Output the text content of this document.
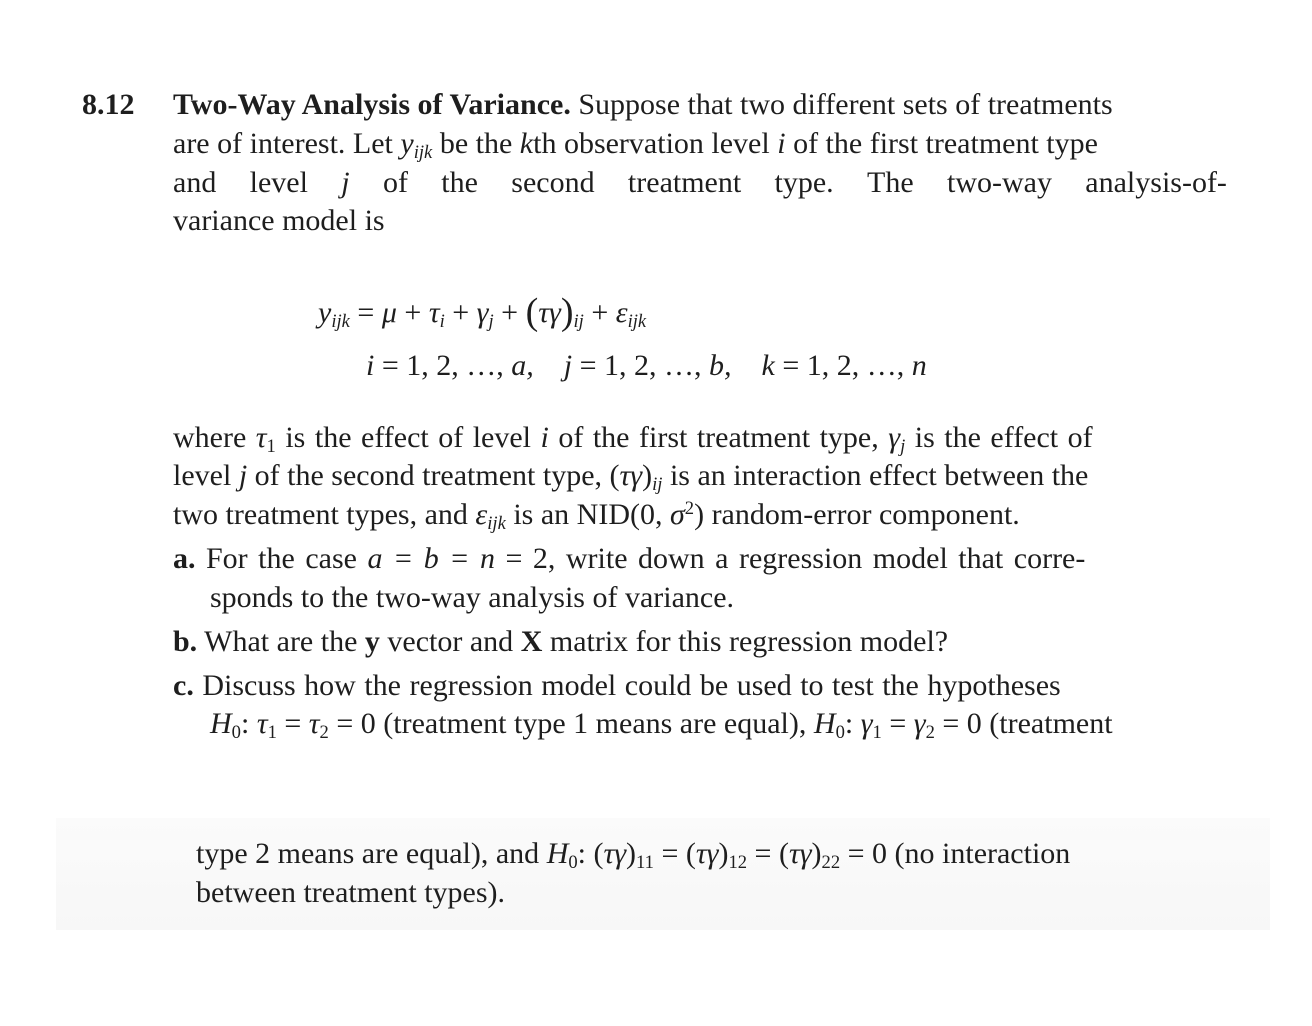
8.12 Two-Way Analysis of Variance. Suppose that two different sets of treatments
are of interest. Let $y_{ijk}$ be the kth observation level i of the first treatment type
and level j of the second treatment type. The two-way analysis-of-
variance model is
$y_{ijk} = \mu + \tau_i + \gamma_j + (\tau\gamma)_{ij} + \varepsilon_{ijk}$
i = 1, 2, …, a, j = 1, 2, …, b, k = 1, 2, …, n
where $\tau_1$ is the effect of level i of the first treatment type, $\gamma_j$ is the effect of
level j of the second treatment type, $(\tau\gamma)_{ij}$ is an interaction effect between the
two treatment types, and $\varepsilon_{ijk}$ is an NID(0, $\sigma^2$) random-error component.
a. For the case a = b = n = 2, write down a regression model that corre-
sponds to the two-way analysis of variance.
b. What are the y vector and X matrix for this regression model?
c. Discuss how the regression model could be used to test the hypotheses
$H_0$: $\tau_1 = \tau_2 = 0$ (treatment type 1 means are equal), $H_0$: $\gamma_1 = \gamma_2 = 0$ (treatment
type 2 means are equal), and $H_0$: $(\tau\gamma)_{11} = (\tau\gamma)_{12} = (\tau\gamma)_{22} = 0$ (no interaction
between treatment types).
